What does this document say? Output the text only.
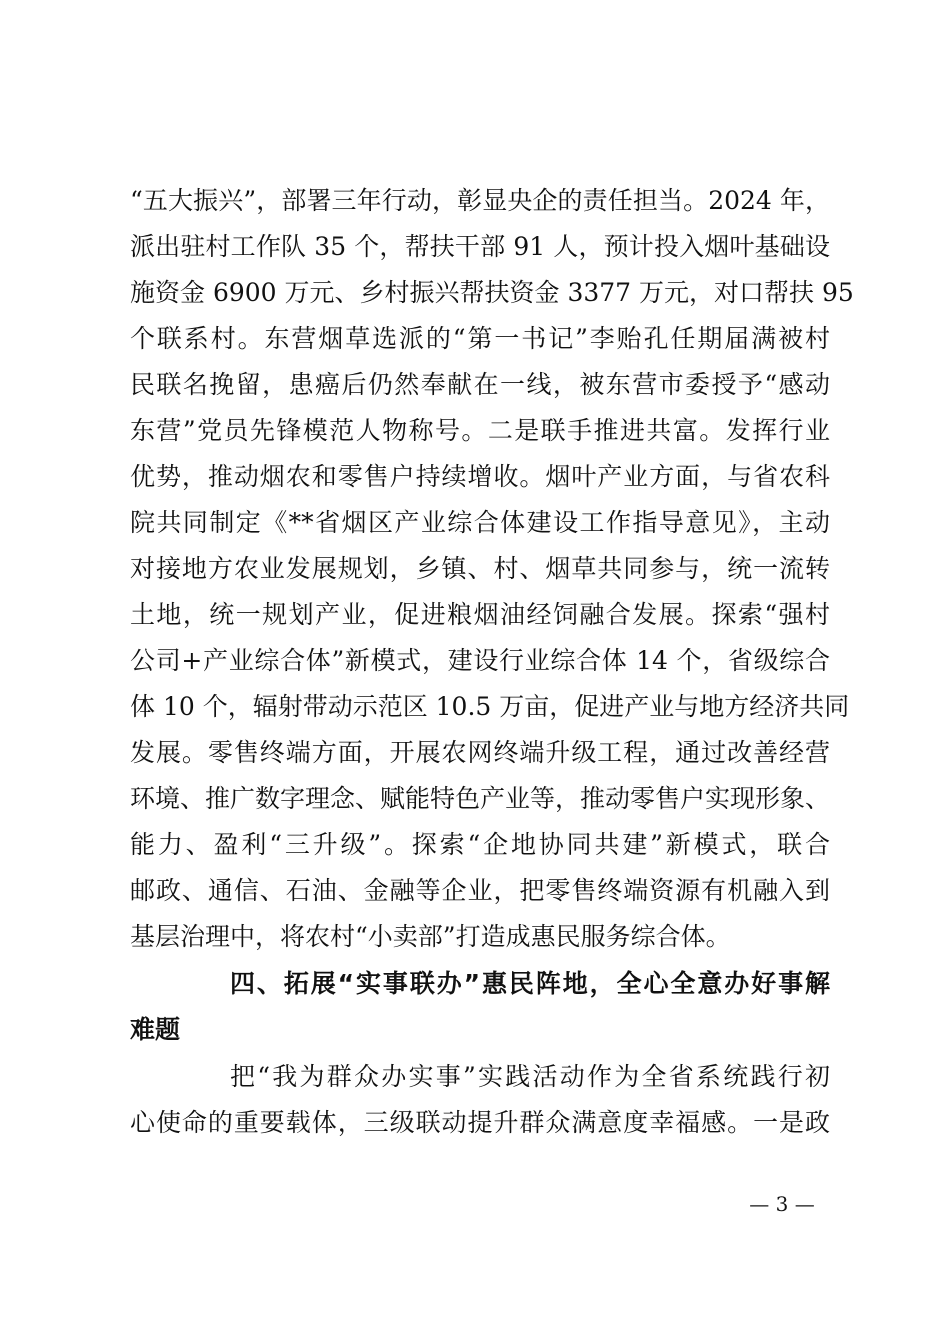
“五大振兴”，部署三年行动，彰显央企的责任担当。2024 年，
派出驻村工作队 35 个，帮扶干部 91 人，预计投入烟叶基础设
施资金 6900 万元、乡村振兴帮扶资金 3377 万元，对口帮扶 95
个联系村。东营烟草选派的“第一书记”李贻孔任期届满被村
民联名挽留，患癌后仍然奉献在一线，被东营市委授予“感动
东营”党员先锋模范人物称号。二是联手推进共富。发挥行业
优势，推动烟农和零售户持续增收。烟叶产业方面，与省农科
院共同制定《**省烟区产业综合体建设工作指导意见》，主动
对接地方农业发展规划，乡镇、村、烟草共同参与，统一流转
土地，统一规划产业，促进粮烟油经饲融合发展。探索“强村
公司+产业综合体”新模式，建设行业综合体 14 个，省级综合
体 10 个，辐射带动示范区 10.5 万亩，促进产业与地方经济共同
发展。零售终端方面，开展农网终端升级工程，通过改善经营
环境、推广数字理念、赋能特色产业等，推动零售户实现形象、
能力、盈利“三升级”。探索“企地协同共建”新模式，联合
邮政、通信、石油、金融等企业，把零售终端资源有机融入到
基层治理中，将农村“小卖部”打造成惠民服务综合体。
四、拓展“实事联办”惠民阵地，全心全意办好事解
难题
把“我为群众办实事”实践活动作为全省系统践行初
心使命的重要载体，三级联动提升群众满意度幸福感。一是政
— 3 —
